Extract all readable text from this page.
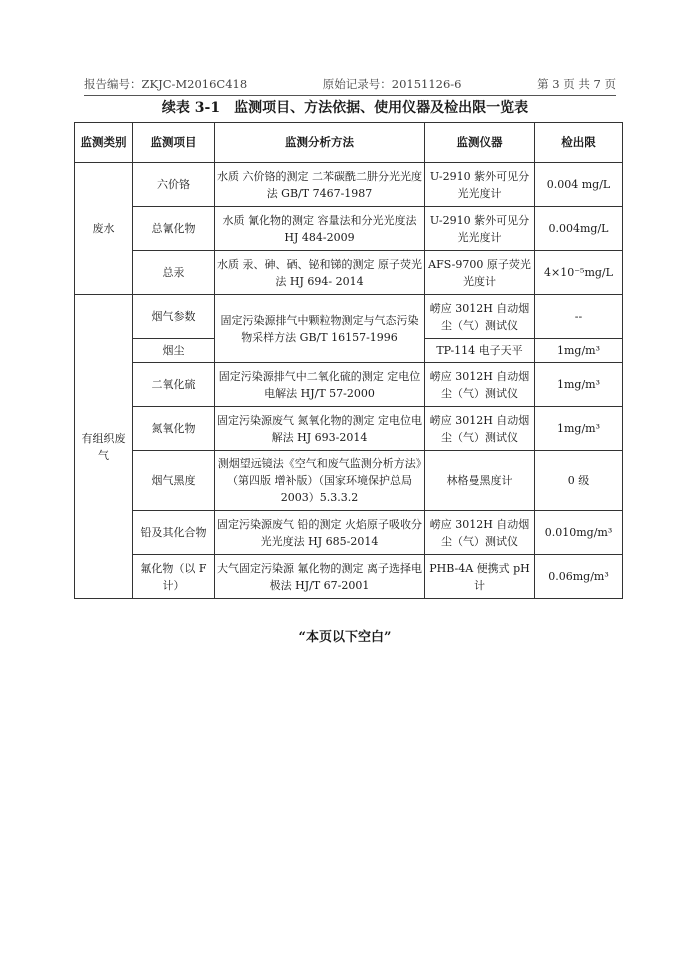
报告编号：ZKJC-M2016C418	原始记录号：20151126-6	第 3 页 共 7 页
续表 3-1　监测项目、方法依据、使用仪器及检出限一览表
监测类别	监测项目	监测分析方法	监测仪器	检出限
废水	六价铬	水质 六价铬的测定 二苯碳酰二肼分光光度法 GB/T 7467-1987	U-2910 紫外可见分光光度计	0.004 mg/L
	总氰化物	水质 氰化物的测定 容量法和分光光度法 HJ 484-2009	U-2910 紫外可见分光光度计	0.004mg/L
	总汞	水质 汞、砷、硒、铋和锑的测定 原子荧光法 HJ 694- 2014	AFS-9700 原子荧光光度计	4×10⁻⁵mg/L
有组织废气	烟气参数	固定污染源排气中颗粒物测定与气态污染物采样方法 GB/T 16157-1996	崂应 3012H 自动烟尘（气）测试仪	--
	烟尘		TP-114 电子天平	1mg/m³
	二氧化硫	固定污染源排气中二氧化硫的测定 定电位电解法 HJ/T 57-2000	崂应 3012H 自动烟尘（气）测试仪	1mg/m³
	氮氧化物	固定污染源废气 氮氧化物的测定 定电位电解法 HJ 693-2014	崂应 3012H 自动烟尘（气）测试仪	1mg/m³
	烟气黑度	测烟望远镜法《空气和废气监测分析方法》（第四版 增补版）（国家环境保护总局 2003）5.3.3.2	林格曼黑度计	0 级
	铅及其化合物	固定污染源废气 铅的测定 火焰原子吸收分光光度法 HJ 685-2014	崂应 3012H 自动烟尘（气）测试仪	0.010mg/m³
	氟化物（以 F 计）	大气固定污染源 氟化物的测定 离子选择电极法 HJ/T 67-2001	PHB-4A 便携式 pH 计	0.06mg/m³
“本页以下空白”
